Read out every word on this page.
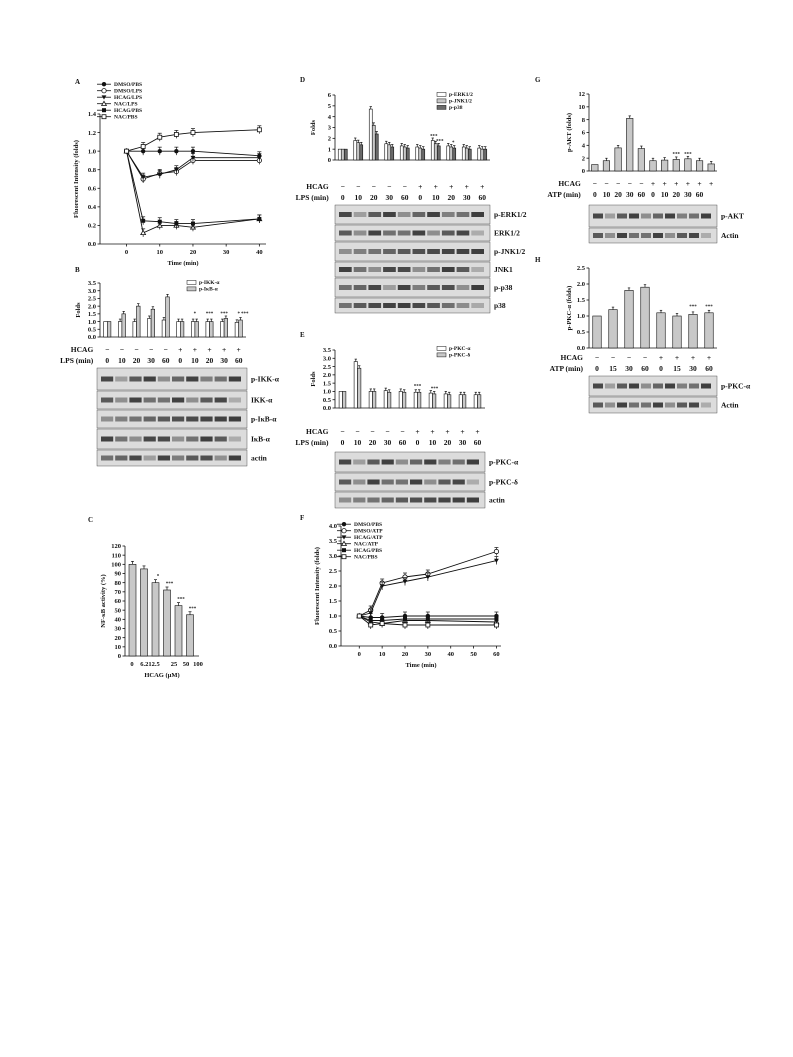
A
B
C
D
E
F
G
H
DMSO/PBS
DMSO/LPS
HCAG/LPS
NAC/LPS
HCAG/PBS
NAC/PBS
0.0
0.2
0.4
0.6
0.8
1.0
1.2
1.4
0	10	20	30	40
Time (min)
Fluorescent Intensity (folds)
0.0
0.5
1.0
1.5
2.0
2.5
3.0
3.5
Folds
p-IKK-α
p-IκB-α
* *** *** * ***
HCAG − − − − − + + + + +
LPS (min) 0 10 20 30 60 0 10 20 30 60
p-IKK-α
IKK-α
p-IκB-α
IκB-α
actin
0
10
20
30
40
50
60
70
80
90
100
110
120
NF-κB activity (%)	*
***
***
***
0 6.212.5 25 50 100
HCAG (μM)
0
1
2
3
4
5
6
Folds
p-ERK1/2
p-JNK1/2
p-p38
***
*** *
HCAG − − − − − + + + + +
LPS (min) 0 10 20 30 60 0 10 20 30 60
p-ERK1/2
ERK1/2
p-JNK1/2
JNK1
p-p38
p38
0.0
0.5
1.0
1.5
2.0
2.5
3.0
3.5
Folds
p-PKC-α
p-PKC-δ
*** ***
HCAG − − − − − + + + + +
LPS (min) 0 10 20 30 60 0 10 20 30 60
p-PKC-α
p-PKC-δ
actin
DMSO/PBS
DMSO/ATP
HCAG/ATP
NAC/ATP
HCAG/PBS
NAC/PBS
0.0
0.5
1.0
1.5
2.0
2.5
3.0
3.5
4.0
0	10	20	30	40	50	60
Time (min)
Fluorescent Intensity (folds)
0
2
4
6
8
10
12
p-AKT (folds)
*** ***
HCAG − − − − − + + + + + +
ATP (min) 0 10 20 30 60 0 10 20 30 60
p-AKT
Actin
0.0
0.5
1.0
1.5
2.0
2.5
p-PKC-α (folds)	*** ***
HCAG − − − − + + + +
ATP (min) 0 15 30 60 0 15 30 60
p-PKC-α
Actin
